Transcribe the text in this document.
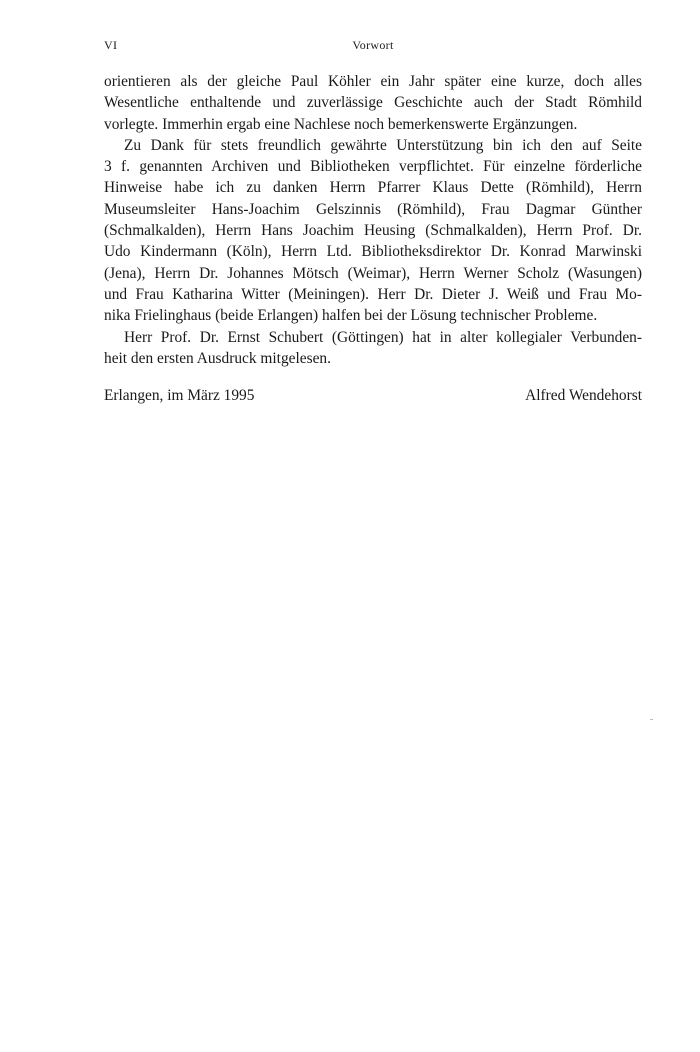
VI	Vorwort
orientieren als der gleiche Paul Köhler ein Jahr später eine kurze, doch alles
Wesentliche enthaltende und zuverlässige Geschichte auch der Stadt Römhild
vorlegte. Immerhin ergab eine Nachlese noch bemerkenswerte Ergänzungen.
Zu Dank für stets freundlich gewährte Unterstützung bin ich den auf Seite
3 f. genannten Archiven und Bibliotheken verpflichtet. Für einzelne förderliche
Hinweise habe ich zu danken Herrn Pfarrer Klaus Dette (Römhild), Herrn
Museumsleiter Hans-Joachim Gelszinnis (Römhild), Frau Dagmar Günther
(Schmalkalden), Herrn Hans Joachim Heusing (Schmalkalden), Herrn Prof. Dr.
Udo Kindermann (Köln), Herrn Ltd. Bibliotheksdirektor Dr. Konrad Marwinski
(Jena), Herrn Dr. Johannes Mötsch (Weimar), Herrn Werner Scholz (Wasungen)
und Frau Katharina Witter (Meiningen). Herr Dr. Dieter J. Weiß und Frau Mo-
nika Frielinghaus (beide Erlangen) halfen bei der Lösung technischer Probleme.
Herr Prof. Dr. Ernst Schubert (Göttingen) hat in alter kollegialer Verbunden-
heit den ersten Ausdruck mitgelesen.
Erlangen, im März 1995	Alfred Wendehorst
